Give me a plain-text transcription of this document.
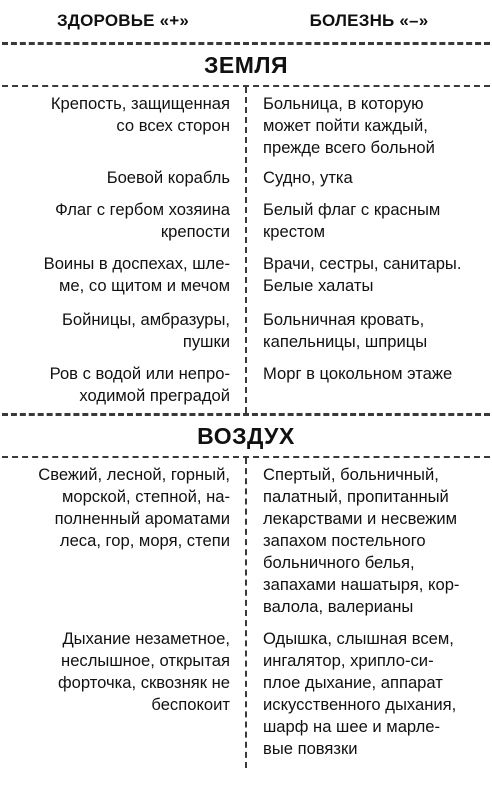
ЗДОРОВЬЕ «+»	БОЛЕЗНЬ «–»
ЗЕМЛЯ
Крепость, защищенная
со всех сторон
Больница, в которую
может пойти каждый,
прежде всего больной
Боевой корабль Судно, утка
Флаг с гербом хозяина
крепости
Белый флаг с красным
крестом
Воины в доспехах, шле-
ме, со щитом и мечом
Врачи, сестры, санитары.
Белые халаты
Бойницы, амбразуры,
пушки
Больничная кровать,
капельницы, шприцы
Ров с водой или непро-
ходимой преградой
Морг в цокольном этаже
ВОЗДУХ
Свежий, лесной, горный,
морской, степной, на-
полненный ароматами
леса, гор, моря, степи
Спертый, больничный,
палатный, пропитанный
лекарствами и несвежим
запахом постельного
больничного белья,
запахами нашатыря, кор-
валола, валерианы
Дыхание незаметное,
неслышное, открытая
форточка, сквозняк не
беспокоит
Одышка, слышная всем,
ингалятор, хрипло-си-
плое дыхание, аппарат
искусственного дыхания,
шарф на шее и марле-
вые повязки
